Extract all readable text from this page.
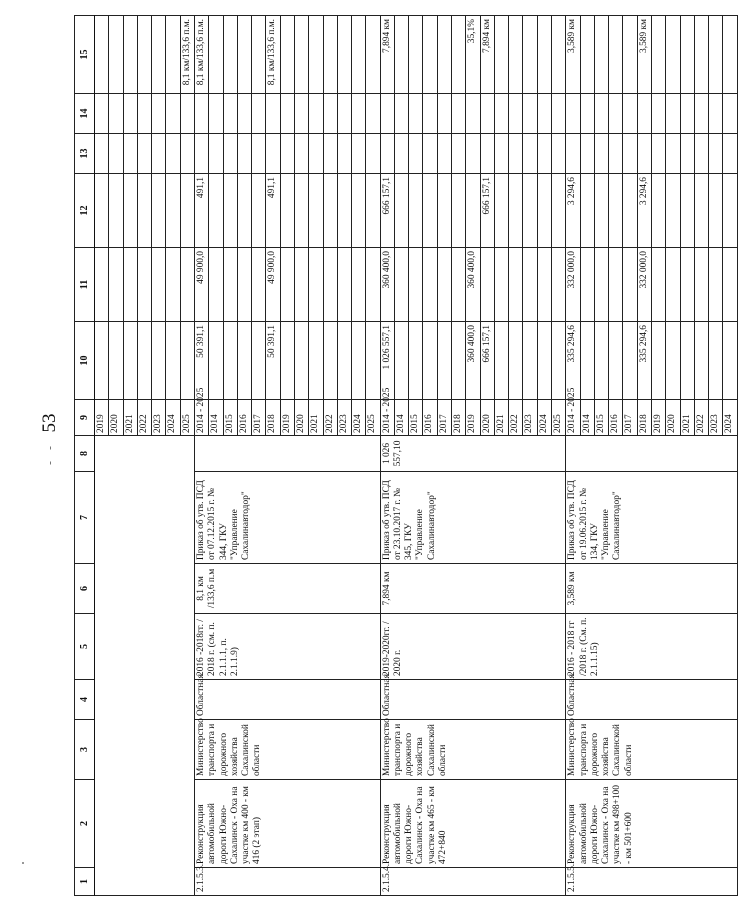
53
- -
1	2	3	4	5	6	7	8	9	10	11	12	13	14	15
								2019						
								2020						
								2021						
								2022						
								2023						
								2024						
								2025						8,1 км/133,6 п.м.
2.1.5.3.	Реконструкция автомобильной дороги Южно-Сахалинск - Оха на участке км 400 - км 416 (2 этап)	Министерство транспорта и дорожного хозяйства Сахалинской области	Областная	2016 -2018гг. / 2018 г. (см. п. 2.1.1.1, п. 2.1.1.9)	8,1 км /133,6 п.м	Приказ об утв. ПСД от 07.12.2015 г. № 344, ГКУ "Управление Сахалинавтодор"		2014 - 2025	50 391,1	49 900,0	491,1			8,1 км/133,6 п.м.
								2014						
								2015						
								2016						
								2017						
								2018	50 391,1	49 900,0	491,1			8,1 км/133,6 п.м.
								2019						
								2020						
								2021						
								2022						
								2023						
								2024						
								2025						
2.1.5.4.	Реконструкция автомобильной дороги Южно-Сахалинск - Оха на участке км 465 - км 472+840	Министерство транспорта и дорожного хозяйства Сахалинской области	Областная	2019-2020гг. / 2020 г.	7,894 км	Приказ об утв. ПСД от 23.10.2017 г. № 345, ГКУ "Управление Сахалинавтодор"	1 026 557,10	2014 - 2025	1 026 557,1	360 400,0	666 157,1			7,894 км
								2014						
								2015						
								2016						
								2017						
								2018						
								2019	360 400,0	360 400,0				35,1%
								2020	666 157,1		666 157,1			7,894 км
								2021						
								2022						
								2023						
								2024						
								2025						
2.1.5.5.	Реконструкция автомобильной дороги Южно-Сахалинск - Оха на участке км 498+100 - км 501+600	Министерство транспорта и дорожного хозяйства Сахалинской области	Областная	2016 - 2018 гг /2018 г. (См. п. 2.1.1.15)	3,589 км	Приказ об утв. ПСД от 19.06.2015 г. № 134, ГКУ "Управление Сахалинавтодор"		2014 - 2025	335 294,6	332 000,0	3 294,6			3,589 км
								2014						
								2015						
								2016						
								2017						
								2018	335 294,6	332 000,0	3 294,6			3,589 км
								2019						
								2020						
								2021						
								2022						
								2023						
								2024						
